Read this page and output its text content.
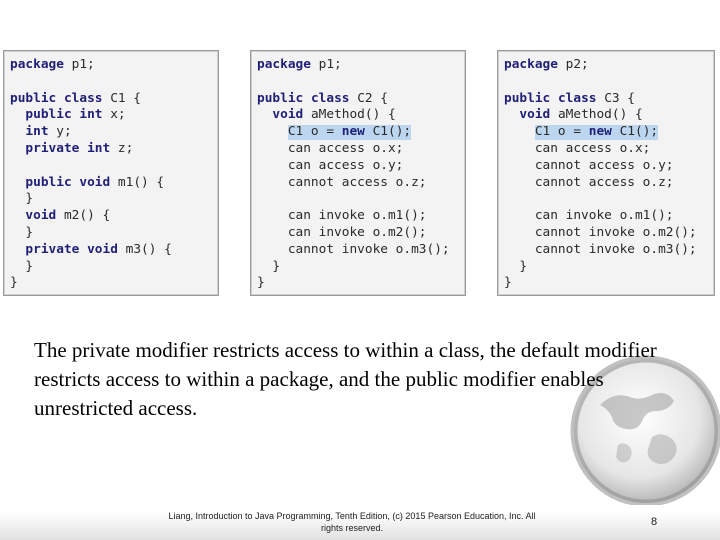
package p1;
public class C1 {
public int x;
int y;
private int z;
public void m1() {
}
void m2() {
}
private void m3() {
}
}
package p1;
public class C2 {
void aMethod() {
C1 o = new C1();
can access o.x;
can access o.y;
cannot access o.z;
can invoke o.m1();
can invoke o.m2();
cannot invoke o.m3();
}
}
package p2;
public class C3 {
void aMethod() {
C1 o = new C1();
can access o.x;
cannot access o.y;
cannot access o.z;
can invoke o.m1();
cannot invoke o.m2();
cannot invoke o.m3();
}
}
The private modifier restricts access to within a class, the default modifier restricts access to within a package, and the public modifier enables unrestricted access.
Liang, Introduction to Java Programming, Tenth Edition, (c) 2015 Pearson Education, Inc. All
rights reserved.	8
